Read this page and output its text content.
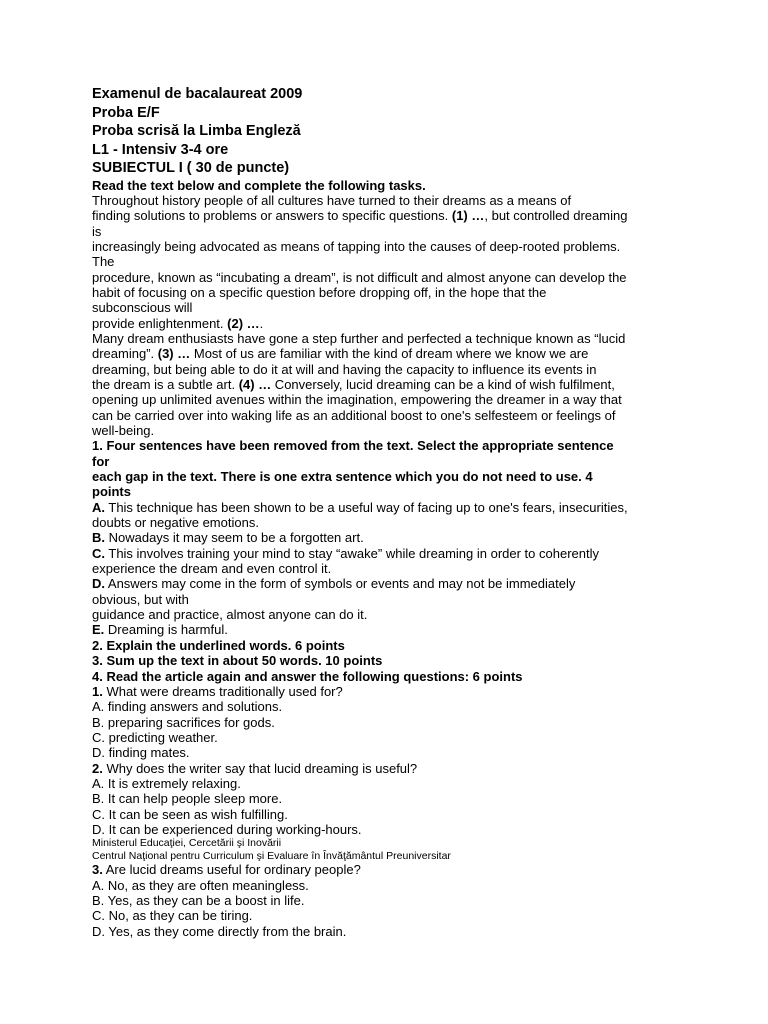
Examenul de bacalaureat 2009

Proba E/F

Proba scrisă la Limba Engleză

L1 - Intensiv 3-4 ore

SUBIECTUL I ( 30 de puncte)

Read the text below and complete the following tasks.

Throughout history people of all cultures have turned to their dreams as a means of
finding solutions to problems or answers to specific questions. (1) …, but controlled dreaming
is
increasingly being advocated as means of tapping into the causes of deep-rooted problems.
The
procedure, known as “incubating a dream”, is not difficult and almost anyone can develop the
habit of focusing on a specific question before dropping off, in the hope that the
subconscious will
provide enlightenment. (2) ….
Many dream enthusiasts have gone a step further and perfected a technique known as “lucid
dreaming”. (3) … Most of us are familiar with the kind of dream where we know we are
dreaming, but being able to do it at will and having the capacity to influence its events in
the dream is a subtle art. (4) … Conversely, lucid dreaming can be a kind of wish fulfilment,
opening up unlimited avenues within the imagination, empowering the dreamer in a way that
can be carried over into waking life as an additional boost to one's selfesteem or feelings of
well-being.
1. Four sentences have been removed from the text. Select the appropriate sentence
for
each gap in the text. There is one extra sentence which you do not need to use. 4
points
A. This technique has been shown to be a useful way of facing up to one's fears, insecurities,
doubts or negative emotions.
B. Nowadays it may seem to be a forgotten art.
C. This involves training your mind to stay “awake” while dreaming in order to coherently
experience the dream and even control it.
D. Answers may come in the form of symbols or events and may not be immediately
obvious, but with
guidance and practice, almost anyone can do it.
E. Dreaming is harmful.
2. Explain the underlined words. 6 points
3. Sum up the text in about 50 words. 10 points
4. Read the article again and answer the following questions: 6 points
1. What were dreams traditionally used for?
A. finding answers and solutions.
B. preparing sacrifices for gods.
C. predicting weather.
D. finding mates.
2. Why does the writer say that lucid dreaming is useful?
A. It is extremely relaxing.
B. It can help people sleep more.
C. It can be seen as wish fulfilling.
D. It can be experienced during working-hours.
Ministerul Educaţiei, Cercetării şi Inovării
Centrul Naţional pentru Curriculum şi Evaluare în Învăţământul Preuniversitar
3. Are lucid dreams useful for ordinary people?
A. No, as they are often meaningless.
B. Yes, as they can be a boost in life.
C. No, as they can be tiring.
D. Yes, as they come directly from the brain.
